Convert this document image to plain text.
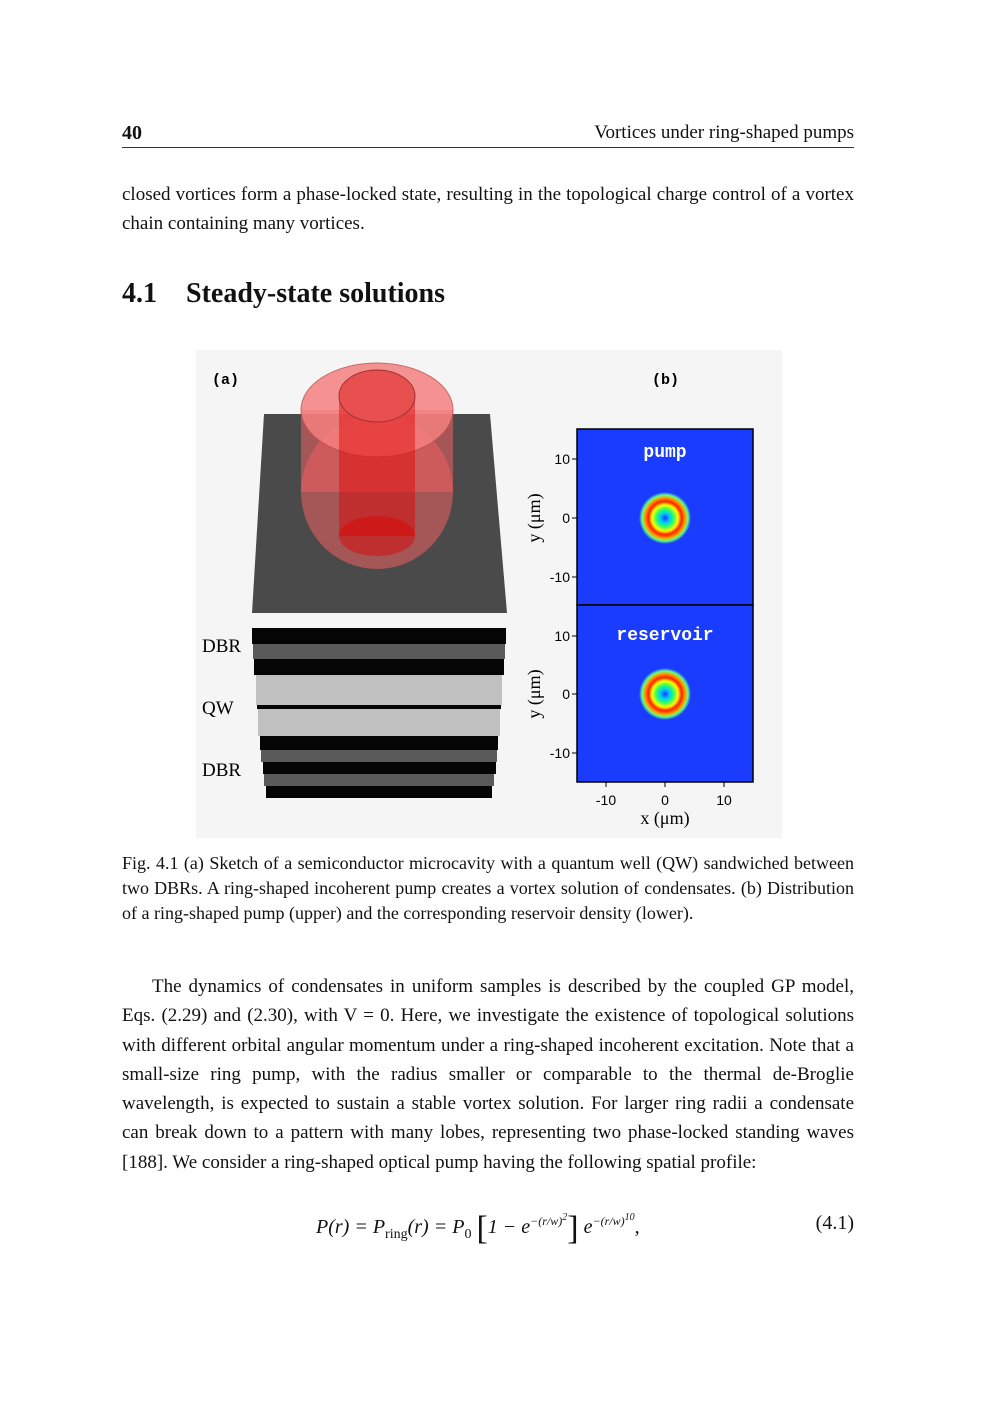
40	Vortices under ring-shaped pumps

closed vortices form a phase-locked state, resulting in the topological charge control of a vortex chain containing many vortices.

4.1 Steady-state solutions
(a)
DBR
QW
DBR
(b)
pump
reservoir
10
0
-10
10
0
-10
y (μm)
y (μm)
-10	0	10
x (μm)
Fig. 4.1 (a) Sketch of a semiconductor microcavity with a quantum well (QW) sandwiched between two DBRs. A ring-shaped incoherent pump creates a vortex solution of condensates. (b) Distribution of a ring-shaped pump (upper) and the corresponding reservoir density (lower).

The dynamics of condensates in uniform samples is described by the coupled GP model, Eqs. (2.29) and (2.30), with V = 0. Here, we investigate the existence of topological solutions with different orbital angular momentum under a ring-shaped incoherent excitation. Note that a small-size ring pump, with the radius smaller or comparable to the thermal de-Broglie wavelength, is expected to sustain a stable vortex solution. For larger ring radii a condensate can break down to a pattern with many lobes, representing two phase-locked standing waves [188]. We consider a ring-shaped optical pump having the following spatial profile:

$P(r) = P_{ring}(r) = P_0$ $[1 - e^{-(r/w)^2}]$ $e^{-(r/w)^{10}}$,	(4.1)
